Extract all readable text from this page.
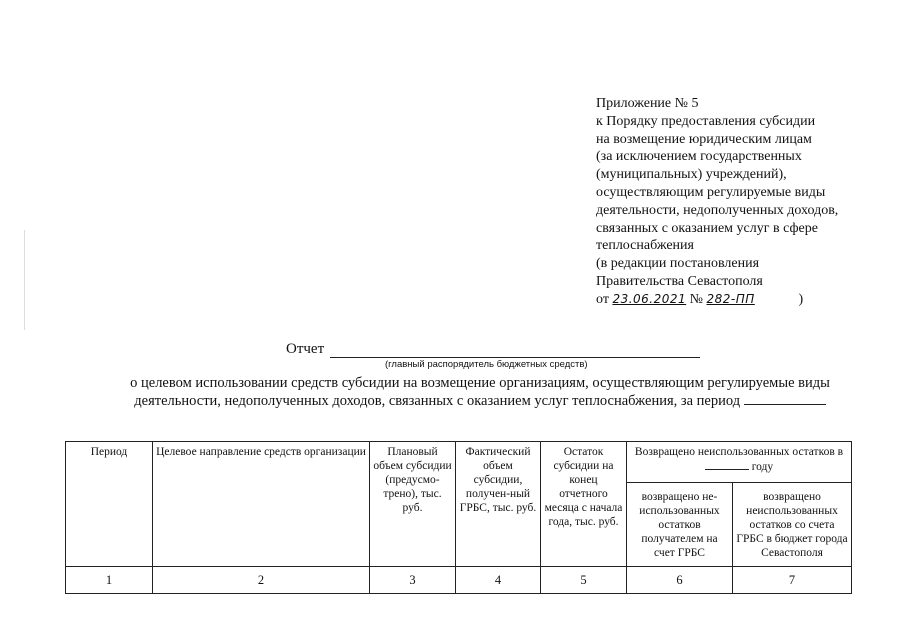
Приложение № 5
к Порядку предоставления субсидии
на возмещение юридическим лицам
(за исключением государственных
(муниципальных) учреждений),
осуществляющим регулируемые виды
деятельности, недополученных доходов,
связанных с оказанием услуг в сфере
теплоснабжения
(в редакции постановления
Правительства Севастополя
от 23.06.2021 № 282-ПП	)
Отчет
(главный распорядитель бюджетных средств)
о целевом использовании средств субсидии на возмещение организациям, осуществляющим регулируемые виды
деятельности, недополученных доходов, связанных с оказанием услуг теплоснабжения, за период
Период	Целевое направление средств организации	Плановый объем субсидии (предусмо-трено), тыс. руб.	Фактический объем субсидии, получен-ный ГРБС, тыс. руб.	Остаток субсидии на конец отчетного месяца с начала года, тыс. руб.	Возвращено неиспользованных остатков в  году	
					возвращено не-использованных остатков получателем на счет ГРБС	возвращено неиспользованных остатков со счета ГРБС в бюджет города Севастополя
1	2	3	4	5	6	7
